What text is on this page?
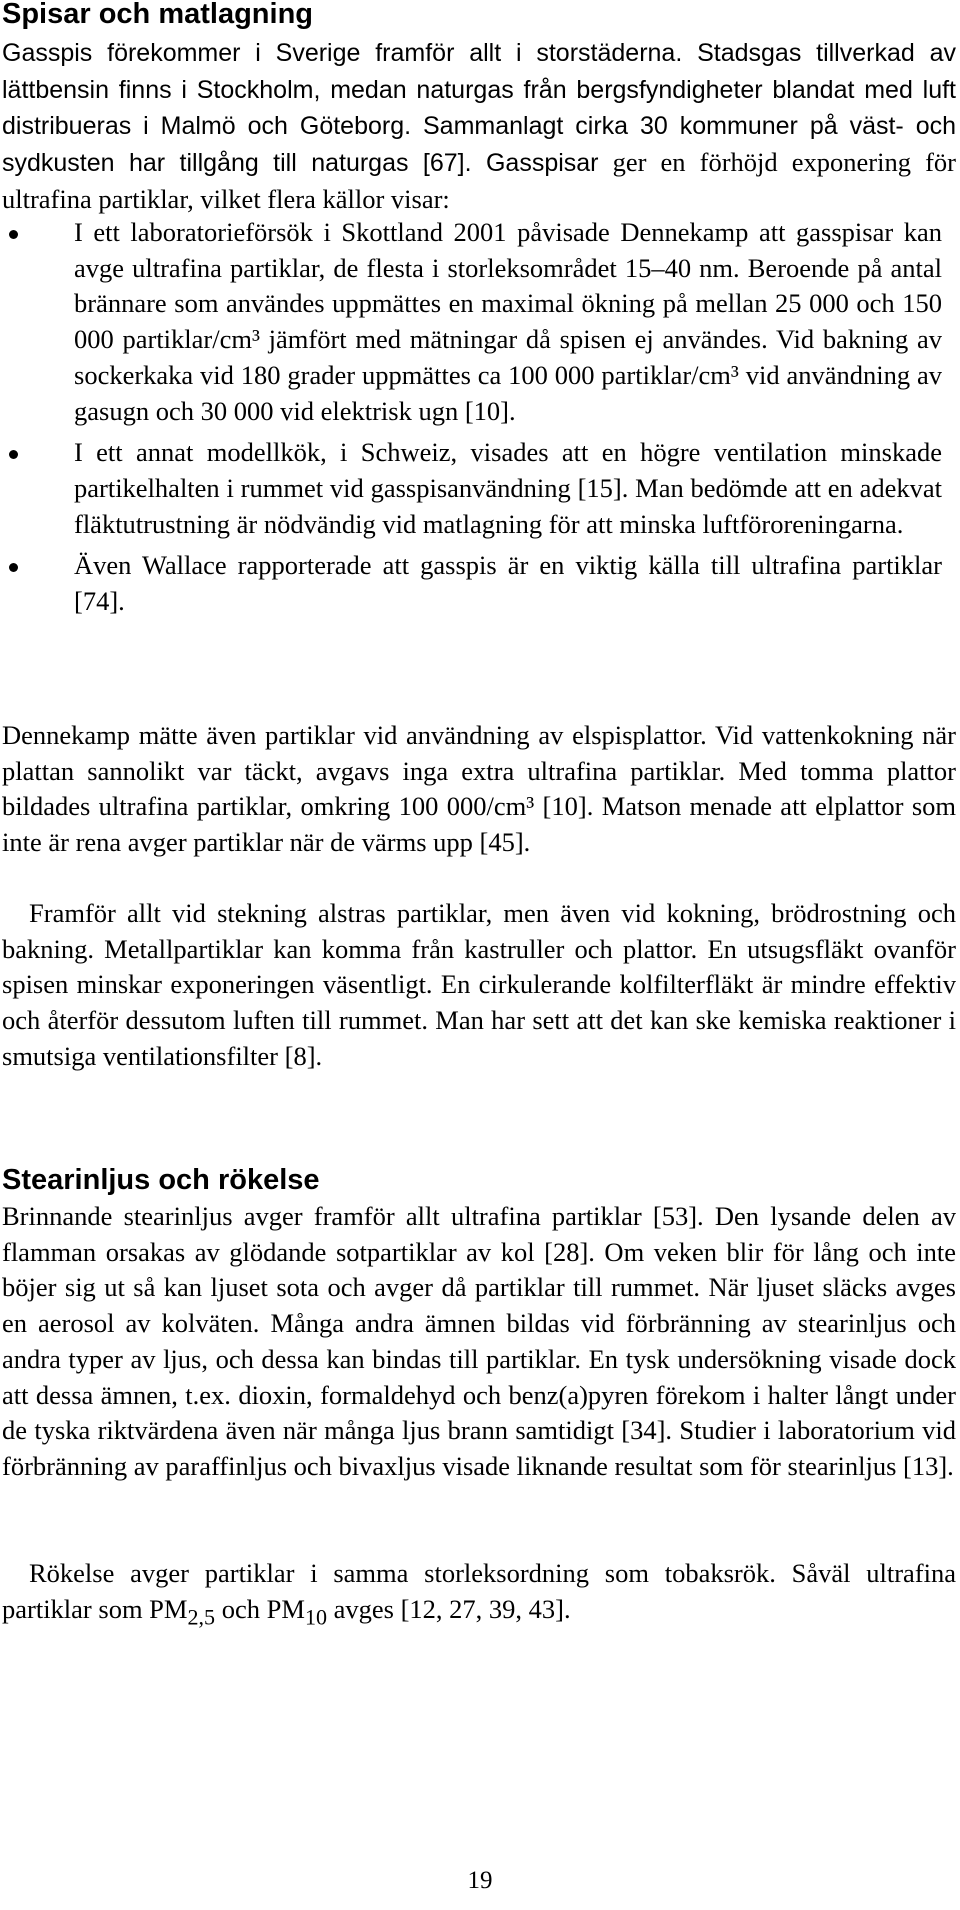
Spisar och matlagning

Gasspis förekommer i Sverige framför allt i storstäderna. Stadsgas tillverkad av lättbensin finns i Stockholm, medan naturgas från bergsfyndigheter blandat med luft distribueras i Malmö och Göteborg. Sammanlagt cirka 30 kommuner på väst- och sydkusten har tillgång till naturgas [67]. Gasspisar ger en förhöjd exponering för ultrafina partiklar, vilket flera källor visar:

I ett laboratorieförsök i Skottland 2001 påvisade Dennekamp att gasspisar kan avge ultrafina partiklar, de flesta i storleksområdet 15–40 nm. Beroende på antal brännare som användes uppmättes en maximal ökning på mellan 25 000 och 150 000 partiklar/cm³ jämfört med mätningar då spisen ej användes. Vid bakning av sockerkaka vid 180 grader uppmättes ca 100 000 partiklar/cm³ vid användning av gasugn och 30 000 vid elektrisk ugn [10].
I ett annat modellkök, i Schweiz, visades att en högre ventilation minskade partikelhalten i rummet vid gasspisanvändning [15]. Man bedömde att en adekvat fläktutrustning är nödvändig vid matlagning för att minska luftföroreningarna.
Även Wallace rapporterade att gasspis är en viktig källa till ultrafina partiklar [74].

Dennekamp mätte även partiklar vid användning av elspisplattor. Vid vattenkokning när plattan sannolikt var täckt, avgavs inga extra ultrafina partiklar. Med tomma plattor bildades ultrafina partiklar, omkring 100 000/cm³ [10]. Matson menade att elplattor som inte är rena avger partiklar när de värms upp [45].

Framför allt vid stekning alstras partiklar, men även vid kokning, brödrostning och bakning. Metallpartiklar kan komma från kastruller och plattor. En utsugsfläkt ovanför spisen minskar exponeringen väsentligt. En cirkulerande kolfilterfläkt är mindre effektiv och återför dessutom luften till rummet. Man har sett att det kan ske kemiska reaktioner i smutsiga ventilationsfilter [8].

Stearinljus och rökelse

Brinnande stearinljus avger framför allt ultrafina partiklar [53]. Den lysande delen av flamman orsakas av glödande sotpartiklar av kol [28]. Om veken blir för lång och inte böjer sig ut så kan ljuset sota och avger då partiklar till rummet. När ljuset släcks avges en aerosol av kolväten. Många andra ämnen bildas vid förbränning av stearinljus och andra typer av ljus, och dessa kan bindas till partiklar. En tysk undersökning visade dock att dessa ämnen, t.ex. dioxin, formaldehyd och benz(a)pyren förekom i halter långt under de tyska riktvärdena även när många ljus brann samtidigt [34]. Studier i laboratorium vid förbränning av paraffinljus och bivaxljus visade liknande resultat som för stearinljus [13].

Rökelse avger partiklar i samma storleksordning som tobaksrök. Såväl ultrafina partiklar som $PM_{2,5}$ och $PM_{10}$ avges [12, 27, 39, 43].

19
